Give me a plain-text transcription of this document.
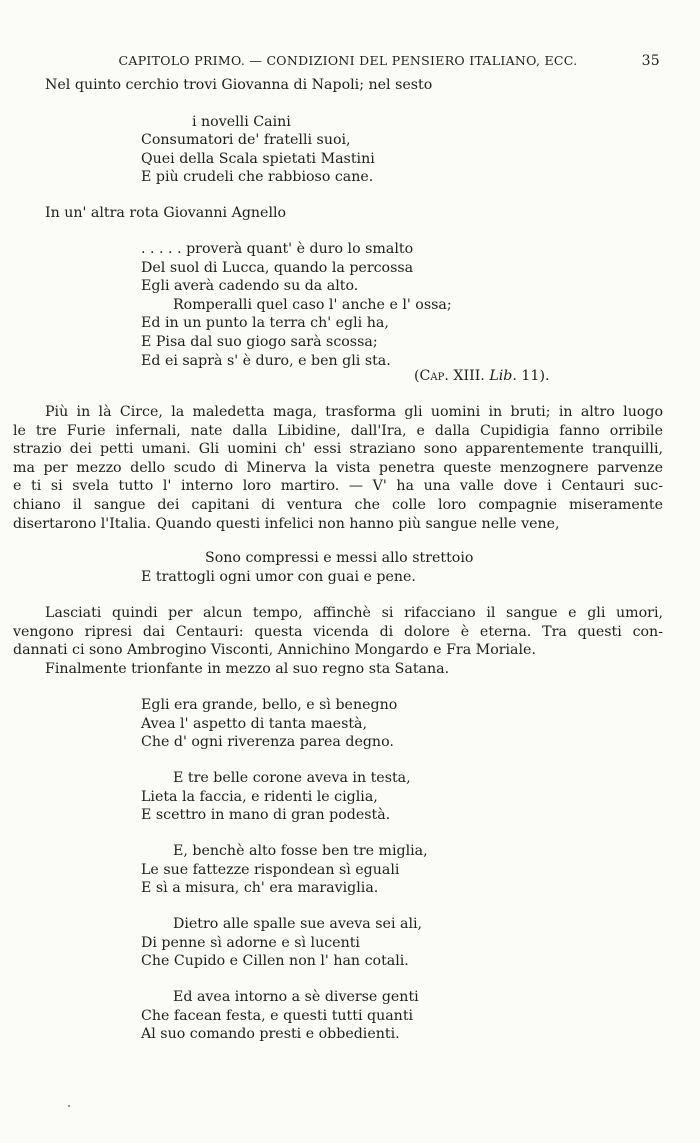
CAPITOLO PRIMO. — CONDIZIONI DEL PENSIERO ITALIANO, ECC.	35

Nel quinto cerchio trovi Giovanna di Napoli; nel sesto

i novelli Caini
Consumatori de' fratelli suoi,
Quei della Scala spietati Mastini
E più crudeli che rabbioso cane.

In un' altra rota Giovanni Agnello

. . . . . proverà quant' è duro lo smalto
Del suol di Lucca, quando la percossa
Egli averà cadendo su da alto.
Romperalli quel caso l' anche e l' ossa;
Ed in un punto la terra ch' egli ha,
E Pisa dal suo giogo sarà scossa;
Ed ei saprà s' è duro, e ben gli sta.
(Cap. XIII. Lib. 11).
Più in là Circe, la maledetta maga, trasforma gli uomini in bruti; in altro luogo
le tre Furie infernali, nate dalla Libidine, dall'Ira, e dalla Cupidigia fanno orribile
strazio dei petti umani. Gli uomini ch' essi straziano sono apparentemente tranquilli,
ma per mezzo dello scudo di Minerva la vista penetra queste menzognere parvenze
e ti si svela tutto l' interno loro martiro. — V' ha una valle dove i Centauri suc-
chiano il sangue dei capitani di ventura che colle loro compagnie miseramente
disertarono l'Italia. Quando questi infelici non hanno più sangue nelle vene,
Sono compressi e messi allo strettoio
E trattogli ogni umor con guai e pene.
Lasciati quindi per alcun tempo, affinchè si rifacciano il sangue e gli umori,
vengono ripresi dai Centauri: questa vicenda di dolore è eterna. Tra questi con-
dannati ci sono Ambrogino Visconti, Annichino Mongardo e Fra Moriale.

Finalmente trionfante in mezzo al suo regno sta Satana.

Egli era grande, bello, e sì benegno
Avea l' aspetto di tanta maestà,
Che d' ogni riverenza parea degno.
E tre belle corone aveva in testa,
Lieta la faccia, e ridenti le ciglia,
E scettro in mano di gran podestà.
E, benchè alto fosse ben tre miglia,
Le sue fattezze rispondean sì eguali
E sì a misura, ch' era maraviglia.
Dietro alle spalle sue aveva sei ali,
Di penne sì adorne e sì lucenti
Che Cupido e Cillen non l' han cotali.
Ed avea intorno a sè diverse genti
Che facean festa, e questi tutti quanti
Al suo comando presti e obbedienti.
